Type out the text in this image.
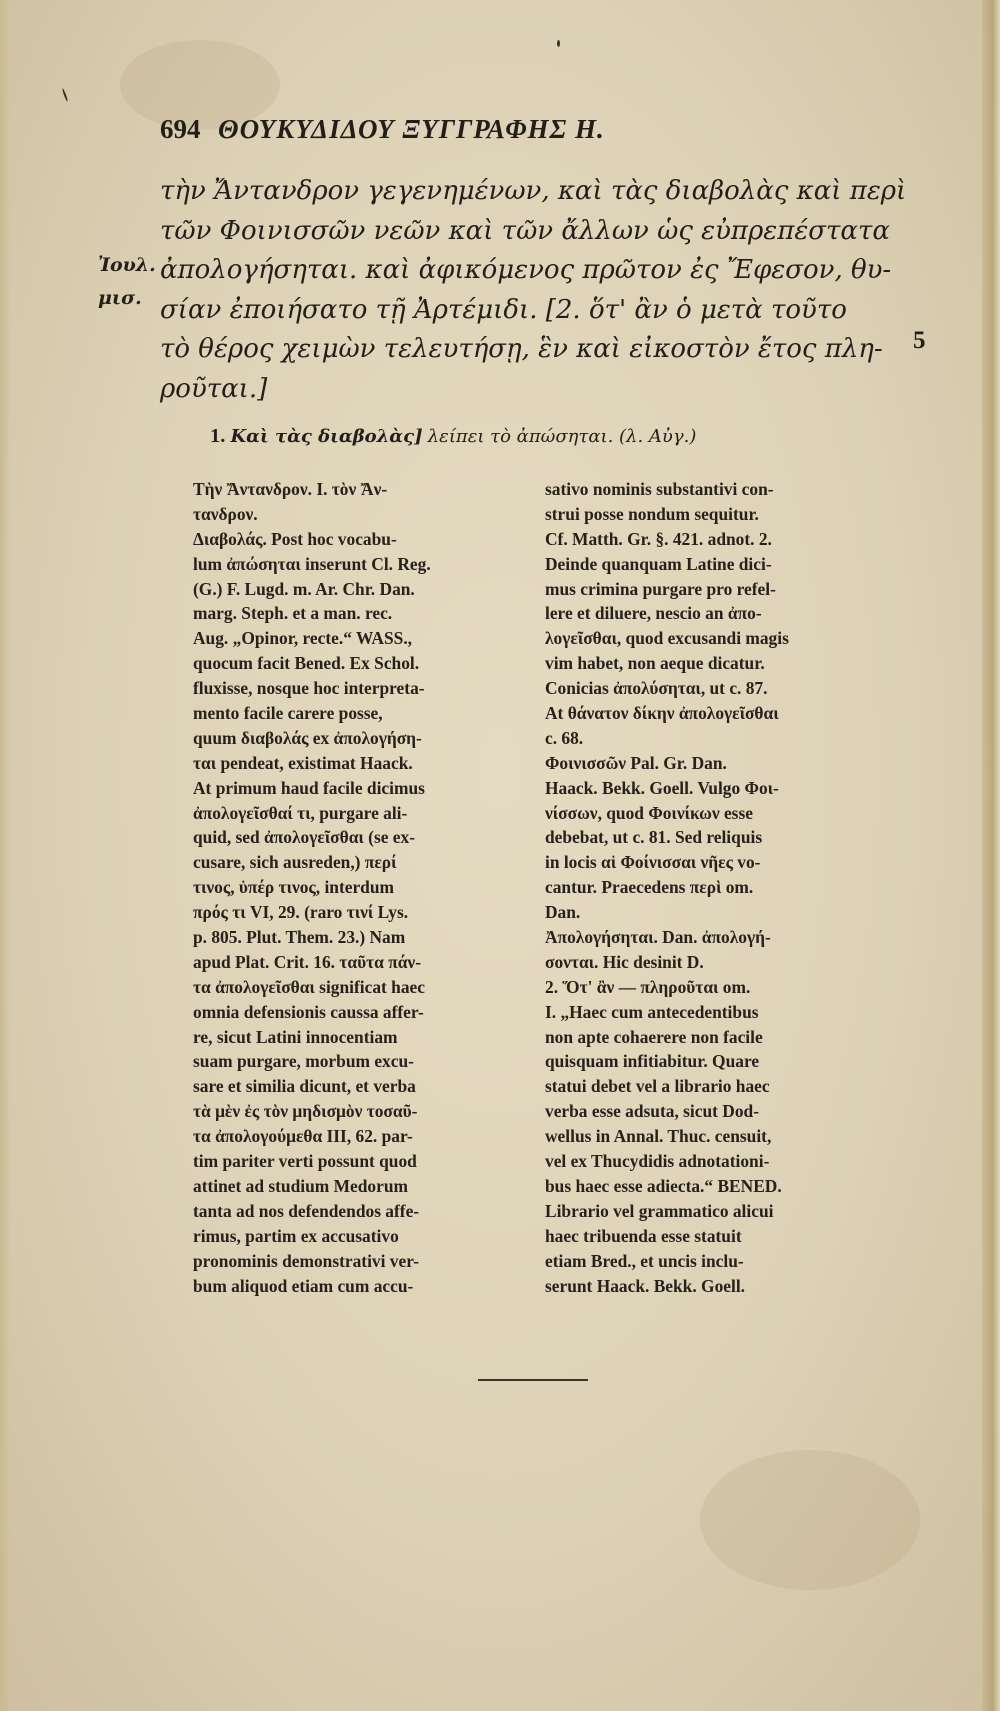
694 ΘΟΥΚΥΔΙΔΟΥ ΞΥΓΓΡΑΦΗΣ Η.
τὴν Ἄντανδρον γεγενημένων, καὶ τὰς διαβολὰς καὶ περὶ
τῶν Φοινισσῶν νεῶν καὶ τῶν ἄλλων ὡς εὐπρεπέστατα
ἀπολογήσηται. καὶ ἀφικόμενος πρῶτον ἐς Ἔφεσον, θυ-
σίαν ἐποιήσατο τῇ Ἀρτέμιδι. [2. ὅτ' ἂν ὁ μετὰ τοῦτο
τὸ θέρος χειμὼν τελευτήσῃ, ἓν καὶ εἰκοστὸν ἔτος πλη-
ροῦται.]
Ἰουλ.
μισ.
5
1. Καὶ τὰς διαβολὰς] λείπει τὸ ἀπώσηται. (λ. Αὐγ.)
Τὴν Ἄντανδρον. I. τὸν Ἄν-
τανδρον.
Διαβολάς. Post hoc vocabu-
lum ἀπώσηται inserunt Cl. Reg.
(G.) F. Lugd. m. Ar. Chr. Dan.
marg. Steph. et a man. rec.
Aug. „Opinor, recte.“ WASS.,
quocum facit Bened. Ex Schol.
fluxisse, nosque hoc interpreta-
mento facile carere posse,
quum διαβολάς ex ἀπολογήση-
ται pendeat, existimat Haack.
At primum haud facile dicimus
ἀπολογεῖσθαί τι, purgare ali-
quid, sed ἀπολογεῖσθαι (se ex-
cusare, sich ausreden,) περί
τινος, ὑπέρ τινος, interdum
πρός τι VI, 29. (raro τινί Lys.
p. 805. Plut. Them. 23.) Nam
apud Plat. Crit. 16. ταῦτα πάν-
τα ἀπολογεῖσθαι significat haec
omnia defensionis caussa affer-
re, sicut Latini innocentiam
suam purgare, morbum excu-
sare et similia dicunt, et verba
τὰ μὲν ἐς τὸν μηδισμὸν τοσαῦ-
τα ἀπολογούμεθα III, 62. par-
tim pariter verti possunt quod
attinet ad studium Medorum
tanta ad nos defendendos affe-
rimus, partim ex accusativo
pronominis demonstrativi ver-
bum aliquod etiam cum accu-
sativo nominis substantivi con-
strui posse nondum sequitur.
Cf. Matth. Gr. §. 421. adnot. 2.
Deinde quanquam Latine dici-
mus crimina purgare pro refel-
lere et diluere, nescio an ἀπο-
λογεῖσθαι, quod excusandi magis
vim habet, non aeque dicatur.
Conicias ἀπολύσηται, ut c. 87.
At θάνατον δίκην ἀπολογεῖσθαι
c. 68.
Φοινισσῶν Pal. Gr. Dan.
Haack. Bekk. Goell. Vulgo Φοι-
νίσσων, quod Φοινίκων esse
debebat, ut c. 81. Sed reliquis
in locis αἱ Φοίνισσαι νῆες vo-
cantur. Praecedens περὶ om.
Dan.
Ἀπολογήσηται. Dan. ἀπολογή-
σονται. Hic desinit D.
2. Ὅτ' ἂν — πληροῦται om.
I. „Haec cum antecedentibus
non apte cohaerere non facile
quisquam infitiabitur. Quare
statui debet vel a librario haec
verba esse adsuta, sicut Dod-
wellus in Annal. Thuc. censuit,
vel ex Thucydidis adnotationi-
bus haec esse adiecta.“ BENED.
Librario vel grammatico alicui
haec tribuenda esse statuit
etiam Bred., et uncis inclu-
serunt Haack. Bekk. Goell.
